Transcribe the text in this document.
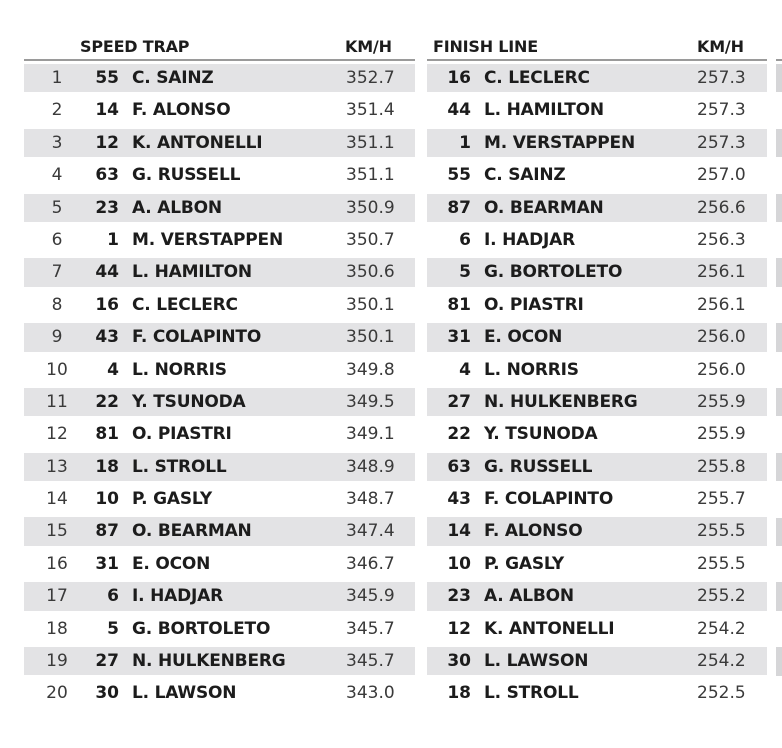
SPEED TRAP	KM/H
1	55 C. SAINZ	352.7
2	14 F. ALONSO	351.4
3	12 K. ANTONELLI	351.1
4	63 G. RUSSELL	351.1
5	23 A. ALBON	350.9
6	1 M. VERSTAPPEN	350.7
7	44 L. HAMILTON	350.6
8	16 C. LECLERC	350.1
9	43 F. COLAPINTO	350.1
10	4 L. NORRIS	349.8
11	22 Y. TSUNODA	349.5
12	81 O. PIASTRI	349.1
13	18 L. STROLL	348.9
14	10 P. GASLY	348.7
15	87 O. BEARMAN	347.4
16	31 E. OCON	346.7
17	6 I. HADJAR	345.9
18	5 G. BORTOLETO	345.7
19	27 N. HULKENBERG	345.7
20	30 L. LAWSON	343.0
FINISH LINE	KM/H
16 C. LECLERC	257.3
44 L. HAMILTON	257.3
1 M. VERSTAPPEN	257.3
55 C. SAINZ	257.0
87 O. BEARMAN	256.6
6 I. HADJAR	256.3
5 G. BORTOLETO	256.1
81 O. PIASTRI	256.1
31 E. OCON	256.0
4 L. NORRIS	256.0
27 N. HULKENBERG	255.9
22 Y. TSUNODA	255.9
63 G. RUSSELL	255.8
43 F. COLAPINTO	255.7
14 F. ALONSO	255.5
10 P. GASLY	255.5
23 A. ALBON	255.2
12 K. ANTONELLI	254.2
30 L. LAWSON	254.2
18 L. STROLL	252.5
